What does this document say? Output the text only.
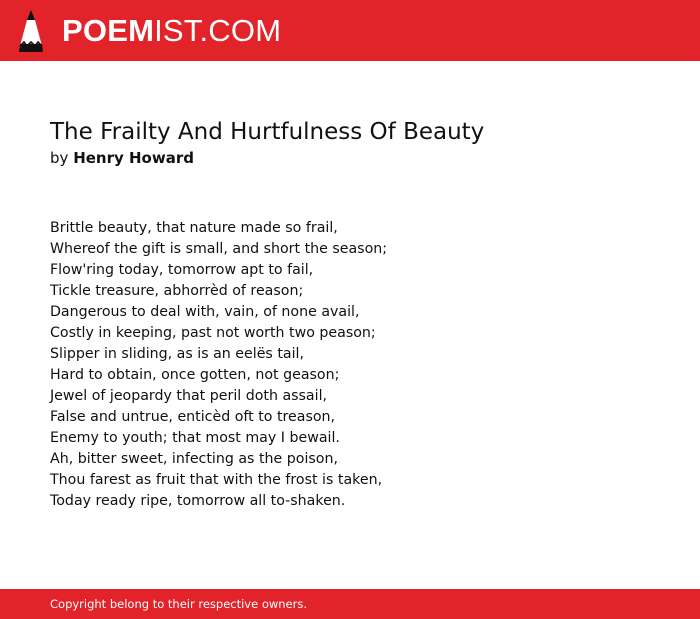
POEMIST.COM
The Frailty And Hurtfulness Of Beauty
by Henry Howard
Brittle beauty, that nature made so frail,
Whereof the gift is small, and short the season;
Flow'ring today, tomorrow apt to fail,
Tickle treasure, abhorrèd of reason;
Dangerous to deal with, vain, of none avail,
Costly in keeping, past not worth two peason;
Slipper in sliding, as is an eelës tail,
Hard to obtain, once gotten, not geason;
Jewel of jeopardy that peril doth assail,
False and untrue, enticèd oft to treason,
Enemy to youth; that most may I bewail.
Ah, bitter sweet, infecting as the poison,
Thou farest as fruit that with the frost is taken,
Today ready ripe, tomorrow all to-shaken.
Copyright belong to their respective owners.
